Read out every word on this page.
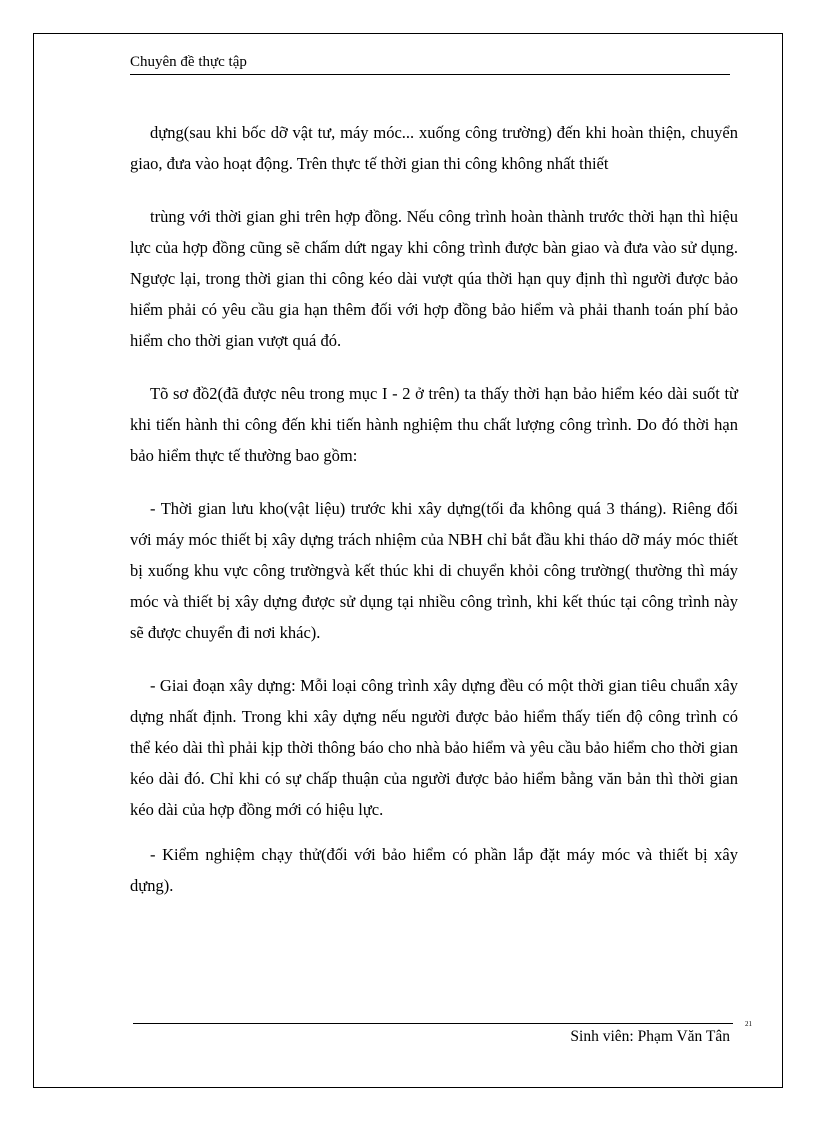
Chuyên đề thực tập

dựng(sau khi bốc dỡ vật tư, máy móc... xuống công trường) đến khi hoàn thiện, chuyển giao, đưa vào hoạt động. Trên thực tế thời gian thi công không nhất thiết

trùng với thời gian ghi trên hợp đồng. Nếu công trình hoàn thành trước thời hạn thì hiệu lực của hợp đồng cũng sẽ chấm dứt ngay khi công trình được bàn giao và đưa vào sử dụng. Ngược lại, trong thời gian thi công kéo dài vượt qúa thời hạn quy định thì người được bảo hiểm phải có yêu cầu gia hạn thêm đối với hợp đồng bảo hiểm và phải thanh toán phí bảo hiểm cho thời gian vượt quá đó.

Tõ sơ đồ2(đã được nêu trong mục I - 2 ở trên) ta thấy thời hạn bảo hiểm kéo dài suốt từ khi tiến hành thi công đến khi tiến hành nghiệm thu chất lượng công trình. Do đó thời hạn bảo hiểm thực tế thường bao gồm:

- Thời gian lưu kho(vật liệu) trước khi xây dựng(tối đa không quá 3 tháng). Riêng đối với máy móc thiết bị xây dựng trách nhiệm của NBH chỉ bắt đầu khi tháo dỡ máy móc thiết bị xuống khu vực công trườngvà kết thúc khi di chuyển khỏi công trường( thường thì máy móc và thiết bị xây dựng được sử dụng tại nhiều công trình, khi kết thúc tại công trình này sẽ được chuyển đi nơi khác).

- Giai đoạn xây dựng: Mỗi loại công trình xây dựng đều có một thời gian tiêu chuẩn xây dựng nhất định. Trong khi xây dựng nếu người được bảo hiểm thấy tiến độ công trình có thể kéo dài thì phải kịp thời thông báo cho nhà bảo hiểm và yêu cầu bảo hiểm cho thời gian kéo dài đó. Chỉ khi có sự chấp thuận của người được bảo hiểm bằng văn bản thì thời gian kéo dài của hợp đồng mới có hiệu lực.

- Kiểm nghiệm chạy thử(đối với bảo hiểm có phần lắp đặt máy móc và thiết bị xây dựng).

Sinh viên: Phạm Văn Tân
21
